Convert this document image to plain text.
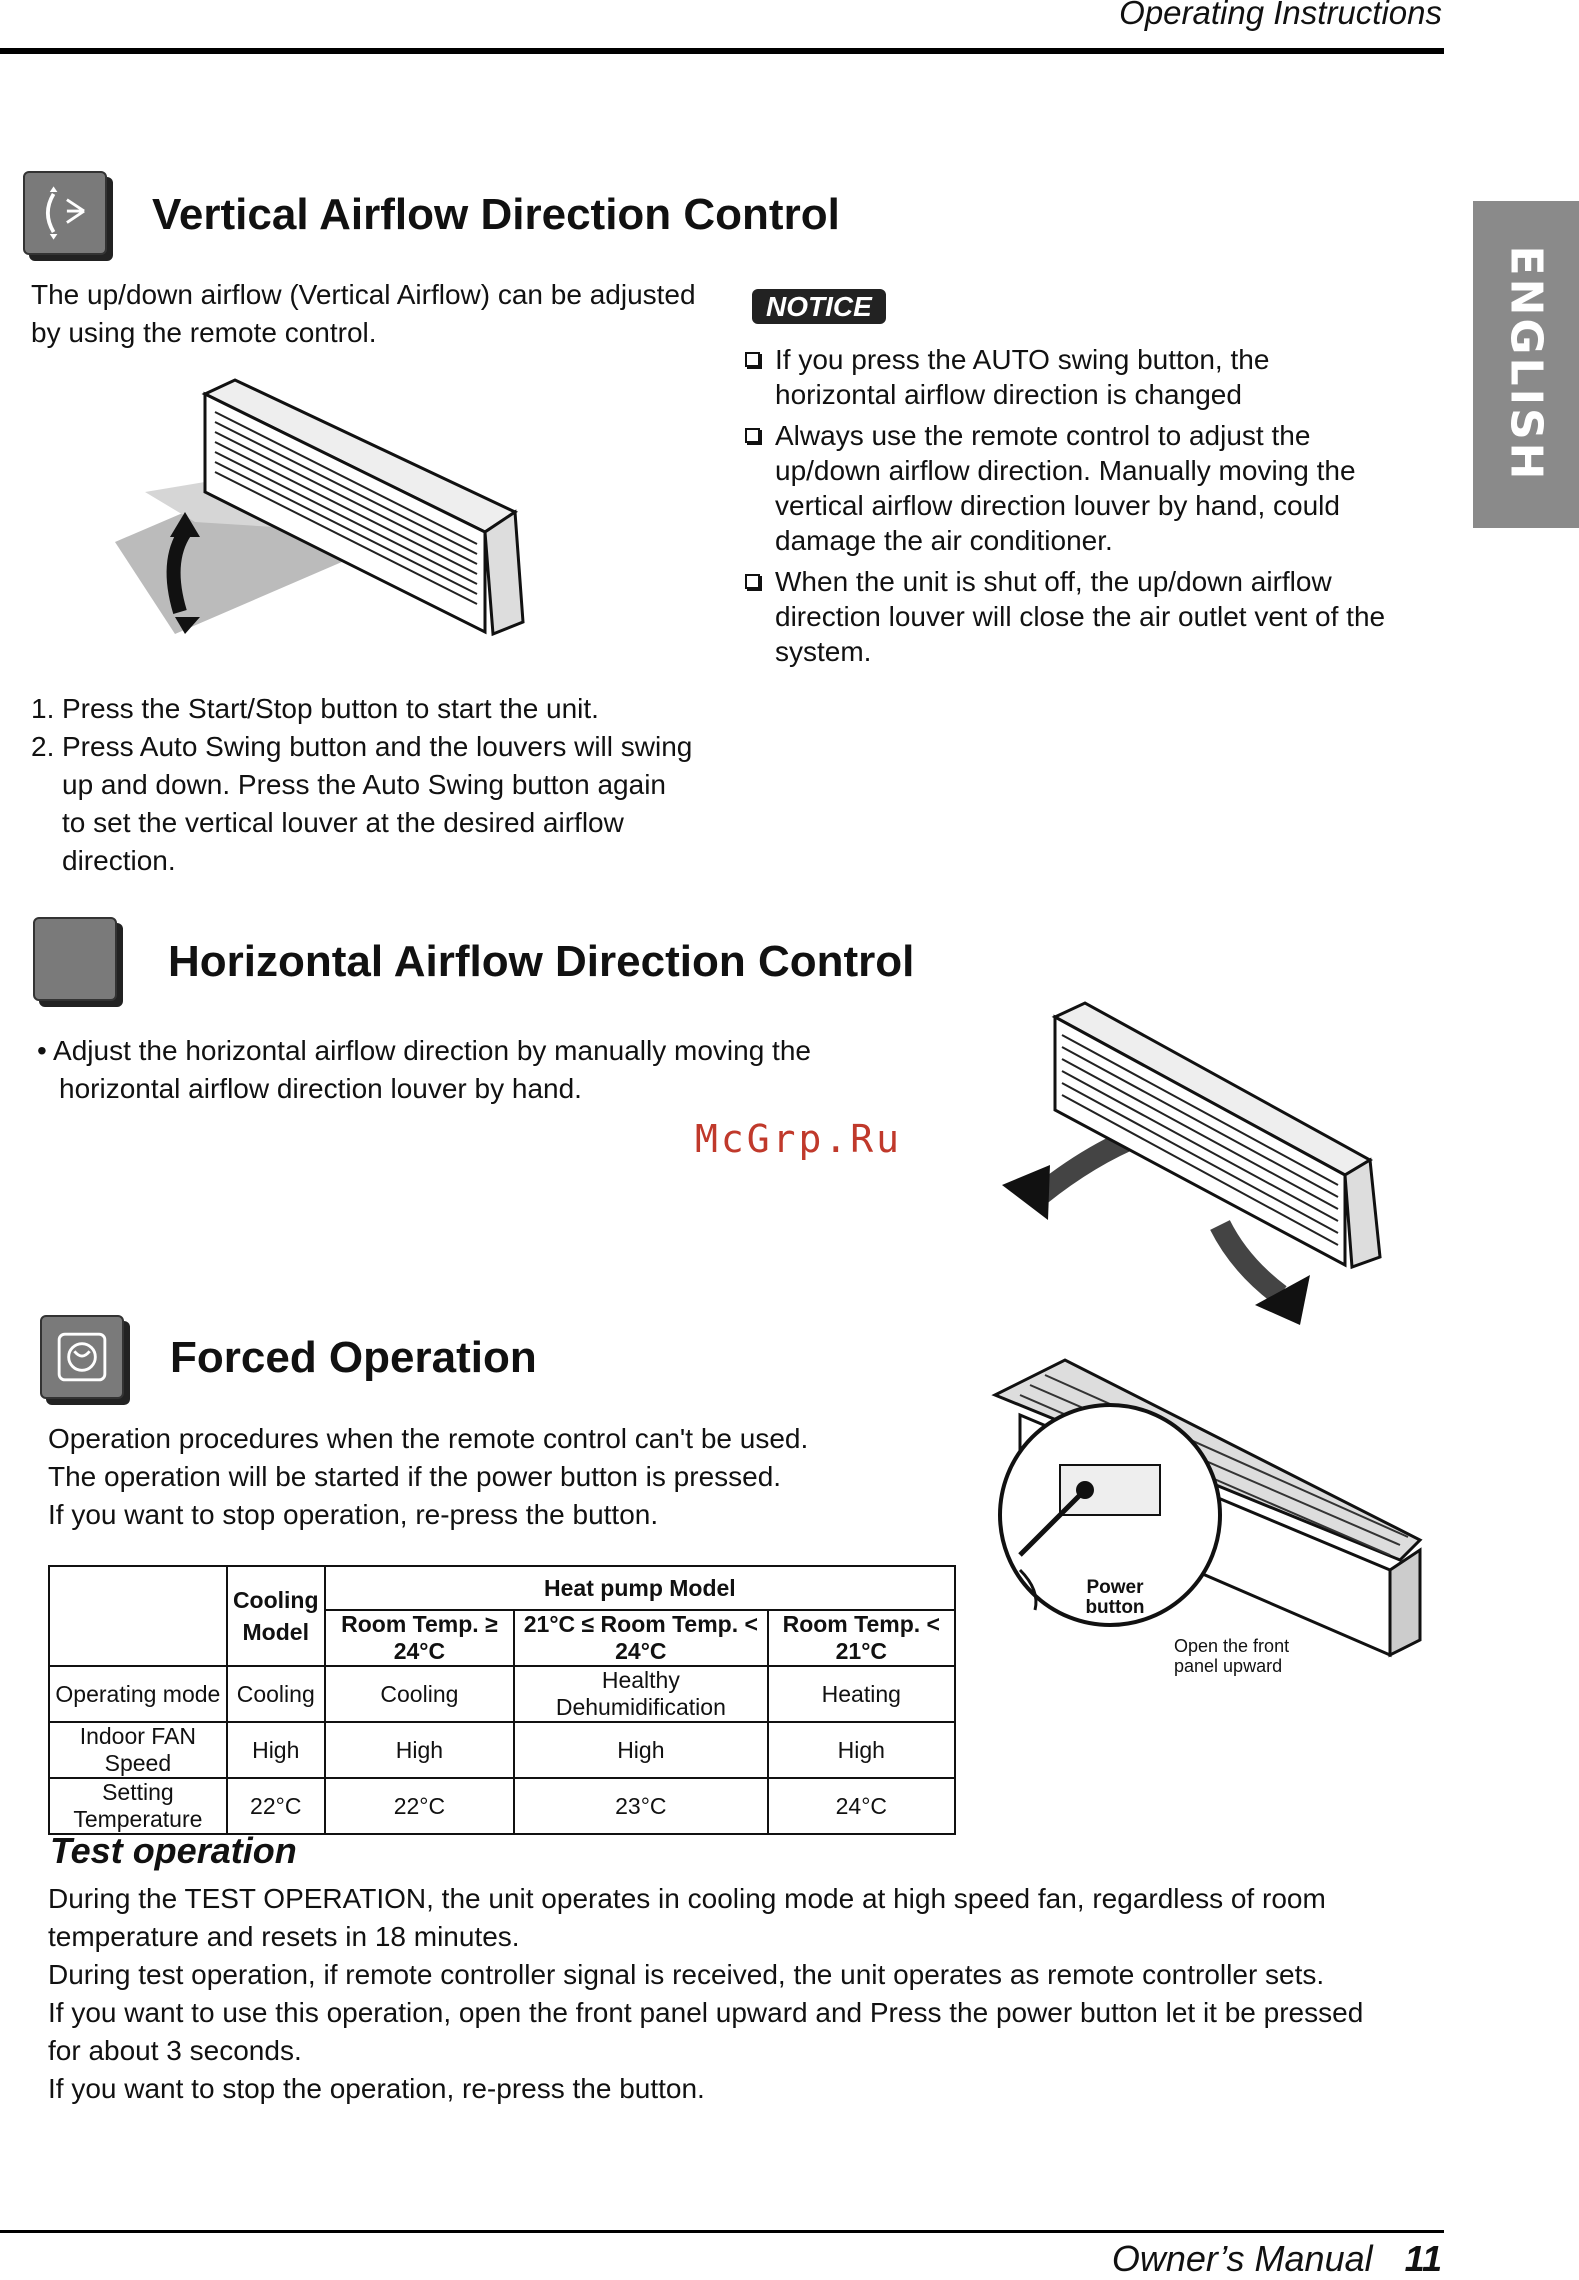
Operating Instructions
ENGLISH
Vertical Airflow Direction Control
The up/down airflow (Vertical Airflow) can be adjusted
by using the remote control.
NOTICE
If you press the AUTO swing button, the
horizontal airflow direction is changed
Always use the remote control to adjust the
up/down airflow direction. Manually moving the
vertical airflow direction louver by hand, could
damage the air conditioner.
When the unit is shut off, the up/down airflow
direction louver will close the air outlet vent of the
system.
1. Press the Start/Stop button to start the unit.
2. Press Auto Swing button and the louvers will swing
up and down. Press the Auto Swing button again
to set the vertical louver at the desired airflow
direction.
Horizontal Airflow Direction Control
• Adjust the horizontal airflow direction by manually moving the
horizontal airflow direction louver by hand.
McGrp.Ru
Forced Operation
Operation procedures when the remote control can't be used.
The operation will be started if the power button is pressed.
If you want to stop operation, re-press the button.
Power button
Open the front panel upward
	Cooling Model	Heat pump Model		
		Room Temp. ≥ 24°C	21°C ≤ Room Temp. < 24°C	Room Temp. < 21°C
Operating mode	Cooling	Cooling	Healthy Dehumidification	Heating
Indoor FAN Speed	High	High	High	High
Setting Temperature	22°C	22°C	23°C	24°C
Test operation
During the TEST OPERATION, the unit operates in cooling mode at high speed fan, regardless of room
temperature and resets in 18 minutes.
During test operation, if remote controller signal is received, the unit operates as remote controller sets.
If you want to use this operation, open the front panel upward and Press the power button let it be pressed
for about 3 seconds.
If you want to stop the operation, re-press the button.
Owner’s Manual 11
